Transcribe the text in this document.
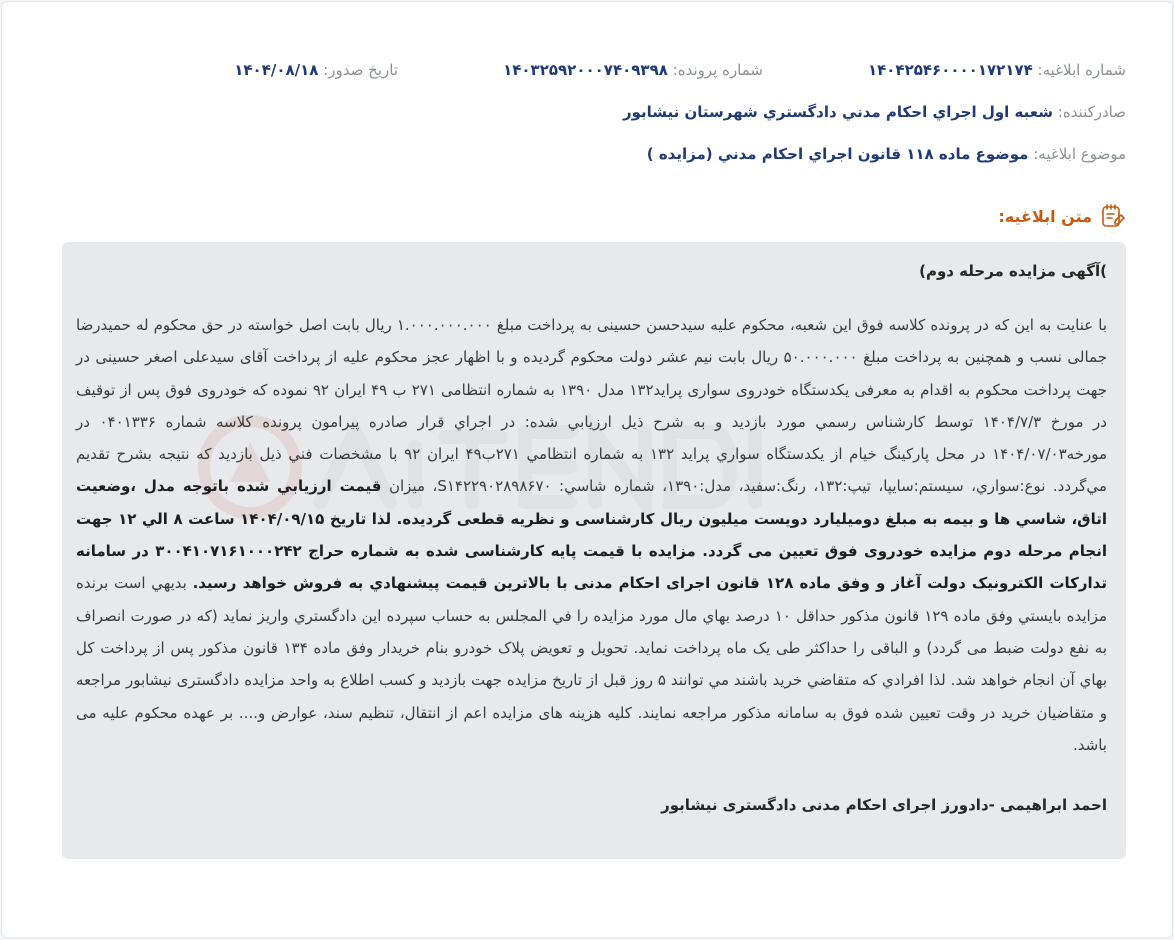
شماره ابلاغیه: ۱۴۰۴۲۵۴۶۰۰۰۰۱۷۲۱۷۴
شماره پرونده: ۱۴۰۳۲۵۹۲۰۰۰۷۴۰۹۳۹۸
تاریخ صدور: ۱۴۰۴/۰۸/۱۸
صادرکننده: شعبه اول اجراي احکام مدني دادگستري شهرستان نيشابور
موضوع ابلاغیه: موضوع ماده ۱۱۸ قانون اجراي احکام مدني (مزايده )
متن ابلاغیه:
)آگهی مزایده مرحله دوم)
با عنایت به این که در پرونده کلاسه فوق این شعبه، محکوم علیه سیدحسن حسینی به پرداخت مبلغ ۱.۰۰۰.۰۰۰.۰۰۰ ریال بابت اصل خواسته در حق محکوم له حمیدرضا جمالی نسب و همچنین به پرداخت مبلغ ۵۰.۰۰۰.۰۰۰ ریال بابت نیم عشر دولت محکوم گردیده و با اظهار عجز محکوم علیه از پرداخت آقای سیدعلی اصغر حسینی در جهت پرداخت محکوم به اقدام به معرفی یکدستگاه خودروی سواری پراید۱۳۲ مدل ۱۳۹۰ به شماره انتظامی ۲۷۱ ب ۴۹ ایران ۹۲ نموده که خودروی فوق پس از توقیف در مورخ ۱۴۰۴/۷/۳ توسط کارشناس رسمي مورد بازديد و به شرح ذيل ارزيابي شده: در اجراي قرار صادره پیرامون پرونده کلاسه شماره ۰۴۰۱۳۳۶ در مورخه۱۴۰۴/۰۷/۰۳ در محل پارکينگ خيام از يکدستگاه سواري پرايد ۱۳۲ به شماره انتظامي ۲۷۱ب۴۹ ايران ۹۲ با مشخصات فني ذيل بازديد که نتيجه بشرح تقديم مي‌گردد. نوع:سواري، سيستم:سايپا، تيپ:۱۳۲، رنگ:سفيد، مدل:۱۳۹۰، شماره شاسي: S۱۴۲۲۹۰۲۸۹۸۶۷۰، ميزان قيمت ارزيابي شده باتوجه مدل ،وضعيت اتاق، شاسي ها و بيمه به مبلغ دوميليارد دويست ميليون ريال کارشناسی و نظريه قطعی گرديده. لذا تاريخ ۱۴۰۴/۰۹/۱۵ ساعت ۸ الي ۱۲ جهت انجام مرحله دوم مزايده خودروی فوق تعيين می گردد. مزايده با قيمت پايه کارشناسی شده به شماره حراج ۳۰۰۴۱۰۷۱۶۱۰۰۰۲۴۲ در سامانه تدارکات الکترونيک دولت آغاز و وفق ماده ۱۲۸ قانون اجرای احکام مدنی با بالاترين قيمت پيشنهادي به فروش خواهد رسيد. بديهي است برنده مزايده بايستي وفق ماده ۱۲۹ قانون مذکور حداقل ۱۰ درصد بهاي مال مورد مزايده را في المجلس به حساب سپرده اين دادگستري واريز نمايد (که در صورت انصراف به نفع دولت ضبط می گردد) و الباقی را حداکثر طی یک ماه پرداخت نمايد. تحويل و تعويض پلاک خودرو بنام خريدار وفق ماده ۱۳۴ قانون مذکور پس از پرداخت کل بهاي آن انجام خواهد شد. لذا افرادي که متقاضي خريد باشند مي توانند ۵ روز قبل از تاريخ مزايده جهت بازديد و کسب اطلاع به واحد مزايده دادگستری نيشابور مراجعه و متقاضيان خريد در وقت تعيين شده فوق به سامانه مذکور مراجعه نمايند. کليه هزينه های مزايده اعم از انتقال، تنظيم سند، عوارض و.... بر عهده محکوم عليه می باشد.
احمد ابراهیمی -دادورز اجرای احکام مدنی دادگستری نیشابور
